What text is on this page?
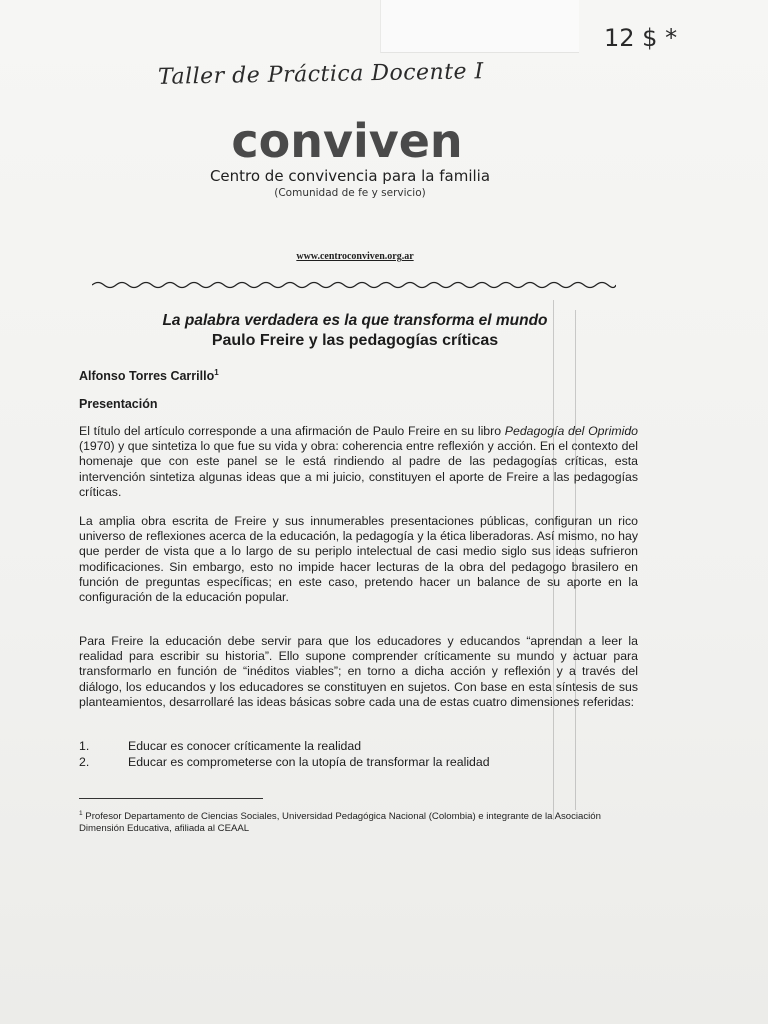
12 $ *
Taller de Práctica Docente I
conviven
Centro de convivencia para la familia
(Comunidad de fe y servicio)
www.centroconviven.org.ar
La palabra verdadera es la que transforma el mundo
Paulo Freire y las pedagogías críticas
Alfonso Torres Carrillo$^1$
Presentación
El título del artículo corresponde a una afirmación de Paulo Freire en su libro Pedagogía del Oprimido (1970) y que sintetiza lo que fue su vida y obra: coherencia entre reflexión y acción. En el contexto del homenaje que con este panel se le está rindiendo al padre de las pedagogías críticas, esta intervención sintetiza algunas ideas que a mi juicio, constituyen el aporte de Freire a las pedagogías críticas.
La amplia obra escrita de Freire y sus innumerables presentaciones públicas, configuran un rico universo de reflexiones acerca de la educación, la pedagogía y la ética liberadoras. Así mismo, no hay que perder de vista que a lo largo de su periplo intelectual de casi medio siglo sus ideas sufrieron modificaciones. Sin embargo, esto no impide hacer lecturas de la obra del pedagogo brasilero en función de preguntas específicas; en este caso, pretendo hacer un balance de su aporte en la configuración de la educación popular.
Para Freire la educación debe servir para que los educadores y educandos “aprendan a leer la realidad para escribir su historia”. Ello supone comprender críticamente su mundo y actuar para transformarlo en función de “inéditos viables”; en torno a dicha acción y reflexión y a través del diálogo, los educandos y los educadores se constituyen en sujetos. Con base en esta síntesis de sus planteamientos, desarrollaré las ideas básicas sobre cada una de estas cuatro dimensiones referidas:
1.	Educar es conocer críticamente la realidad
2.	Educar es comprometerse con la utopía de transformar la realidad
$^1$ Profesor Departamento de Ciencias Sociales, Universidad Pedagógica Nacional (Colombia) e integrante de la Asociación Dimensión Educativa, afiliada al CEAAL
